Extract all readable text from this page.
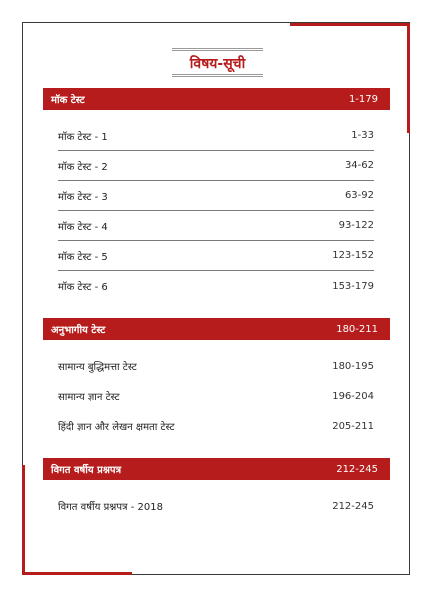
विषय-सूची
मॉक टेस्ट	1-179
मॉक टेस्ट - 1	1-33
मॉक टेस्ट - 2	34-62
मॉक टेस्ट - 3	63-92
मॉक टेस्ट - 4	93-122
मॉक टेस्ट - 5	123-152
मॉक टेस्ट - 6	153-179
अनुभागीय टेस्ट	180-211
सामान्य बुद्धिमत्ता टेस्ट	180-195
सामान्य ज्ञान टेस्ट	196-204
हिंदी ज्ञान और लेखन क्षमता टेस्ट	205-211
विगत वर्षीय प्रश्नपत्र	212-245
विगत वर्षीय प्रश्नपत्र - 2018	212-245
